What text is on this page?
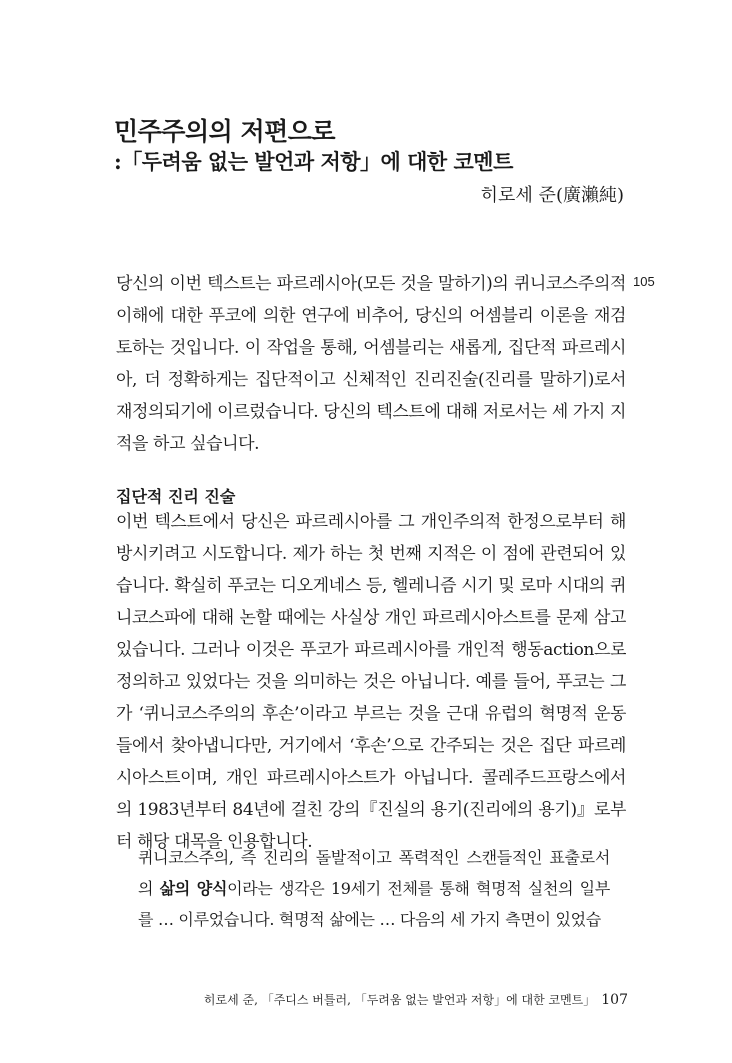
민주주의의 저편으로
:「두려움 없는 발언과 저항」에 대한 코멘트
히로세 준(廣瀨純)
105

당신의 이번 텍스트는 파르레시아(모든 것을 말하기)의 퀴니코스주의적 이해에 대한 푸코에 의한 연구에 비추어, 당신의 어셈블리 이론을 재검토하는 것입니다. 이 작업을 통해, 어셈블리는 새롭게, 집단적 파르레시아, 더 정확하게는 집단적이고 신체적인 진리진술(진리를 말하기)로서 재정의되기에 이르렀습니다. 당신의 텍스트에 대해 저로서는 세 가지 지적을 하고 싶습니다.

집단적 진리 진술

이번 텍스트에서 당신은 파르레시아를 그 개인주의적 한정으로부터 해방시키려고 시도합니다. 제가 하는 첫 번째 지적은 이 점에 관련되어 있습니다. 확실히 푸코는 디오게네스 등, 헬레니즘 시기 및 로마 시대의 퀴니코스파에 대해 논할 때에는 사실상 개인 파르레시아스트를 문제 삼고 있습니다. 그러나 이것은 푸코가 파르레시아를 개인적 행동action으로 정의하고 있었다는 것을 의미하는 것은 아닙니다. 예를 들어, 푸코는 그가 ‘퀴니코스주의의 후손’이라고 부르는 것을 근대 유럽의 혁명적 운동들에서 찾아냅니다만, 거기에서 ‘후손’으로 간주되는 것은 집단 파르레시아스트이며, 개인 파르레시아스트가 아닙니다. 콜레주드프랑스에서의 1983년부터 84년에 걸친 강의『진실의 용기(진리에의 용기)』로부터 해당 대목을 인용합니다.

퀴니코스주의, 즉 진리의 돌발적이고 폭력적인 스캔들적인 표출로서의 삶의 양식이라는 생각은 19세기 전체를 통해 혁명적 실천의 일부를 … 이루었습니다. 혁명적 삶에는 … 다음의 세 가지 측면이 있었습

히로세 준, 「주디스 버틀러, 「두려움 없는 발언과 저항」에 대한 코멘트」 107
